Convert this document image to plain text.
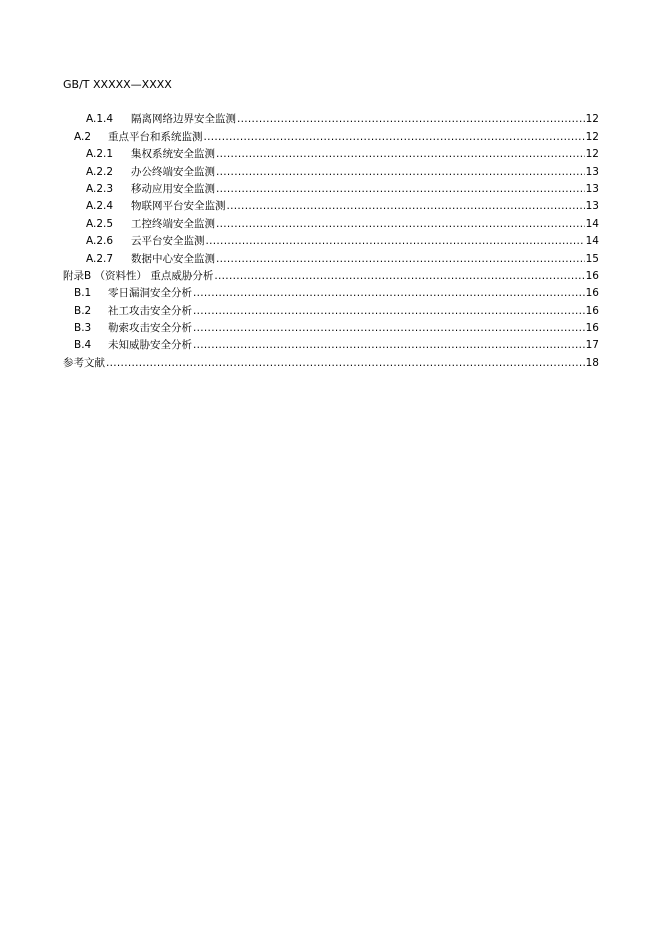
GB/T XXXXX—XXXX
A.1.4	隔离网络边界安全监测 .....	12
A.2	重点平台和系统监测 .....	12
A.2.1	集权系统安全监测 .....	12
A.2.2	办公终端安全监测 .....	13
A.2.3	移动应用安全监测 .....	13
A.2.4	物联网平台安全监测 .....	13
A.2.5	工控终端安全监测 .....	14
A.2.6	云平台安全监测 .....	14
A.2.7	数据中心安全监测 .....	15
附录B （资料性） 重点威胁分析 .....	16
B.1	零日漏洞安全分析 .....	16
B.2	社工攻击安全分析 .....	16
B.3	勒索攻击安全分析 .....	16
B.4	未知威胁安全分析 .....	17
参考文献 .....	18
